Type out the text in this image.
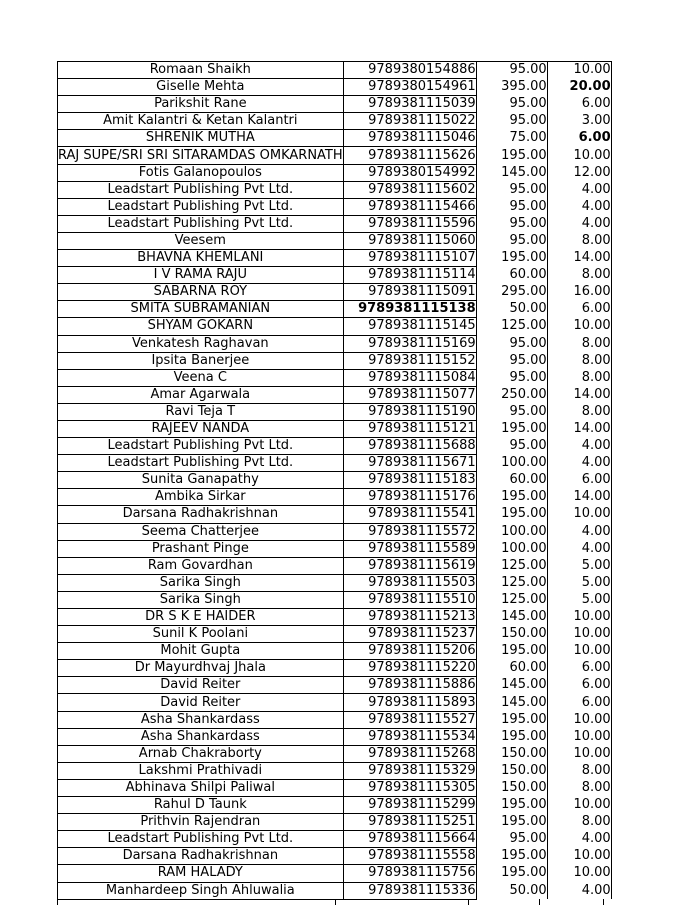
Romaan Shaikh	9789380154886	95.00	10.00
Giselle Mehta	9789380154961	395.00	20.00
Parikshit Rane	9789381115039	95.00	6.00
Amit Kalantri & Ketan Kalantri	9789381115022	95.00	3.00
SHRENIK MUTHA	9789381115046	75.00	6.00
RAJ SUPE/SRI SRI SITARAMDAS OMKARNATH	9789381115626	195.00	10.00
Fotis Galanopoulos	9789380154992	145.00	12.00
Leadstart Publishing Pvt Ltd.	9789381115602	95.00	4.00
Leadstart Publishing Pvt Ltd.	9789381115466	95.00	4.00
Leadstart Publishing Pvt Ltd.	9789381115596	95.00	4.00
Veesem	9789381115060	95.00	8.00
BHAVNA KHEMLANI	9789381115107	195.00	14.00
I V RAMA RAJU	9789381115114	60.00	8.00
SABARNA ROY	9789381115091	295.00	16.00
SMITA SUBRAMANIAN	9789381115138	50.00	6.00
SHYAM GOKARN	9789381115145	125.00	10.00
Venkatesh Raghavan	9789381115169	95.00	8.00
Ipsita Banerjee	9789381115152	95.00	8.00
Veena C	9789381115084	95.00	8.00
Amar Agarwala	9789381115077	250.00	14.00
Ravi Teja T	9789381115190	95.00	8.00
RAJEEV NANDA	9789381115121	195.00	14.00
Leadstart Publishing Pvt Ltd.	9789381115688	95.00	4.00
Leadstart Publishing Pvt Ltd.	9789381115671	100.00	4.00
Sunita Ganapathy	9789381115183	60.00	6.00
Ambika Sirkar	9789381115176	195.00	14.00
Darsana Radhakrishnan	9789381115541	195.00	10.00
Seema Chatterjee	9789381115572	100.00	4.00
Prashant Pinge	9789381115589	100.00	4.00
Ram Govardhan	9789381115619	125.00	5.00
Sarika Singh	9789381115503	125.00	5.00
Sarika Singh	9789381115510	125.00	5.00
DR S K E HAIDER	9789381115213	145.00	10.00
Sunil K Poolani	9789381115237	150.00	10.00
Mohit Gupta	9789381115206	195.00	10.00
Dr Mayurdhvaj Jhala	9789381115220	60.00	6.00
David Reiter	9789381115886	145.00	6.00
David Reiter	9789381115893	145.00	6.00
Asha Shankardass	9789381115527	195.00	10.00
Asha Shankardass	9789381115534	195.00	10.00
Arnab Chakraborty	9789381115268	150.00	10.00
Lakshmi Prathivadi	9789381115329	150.00	8.00
Abhinava Shilpi Paliwal	9789381115305	150.00	8.00
Rahul D Taunk	9789381115299	195.00	10.00
Prithvin Rajendran	9789381115251	195.00	8.00
Leadstart Publishing Pvt Ltd.	9789381115664	95.00	4.00
Darsana Radhakrishnan	9789381115558	195.00	10.00
RAM HALADY	9789381115756	195.00	10.00
Manhardeep Singh Ahluwalia	9789381115336	50.00	4.00
